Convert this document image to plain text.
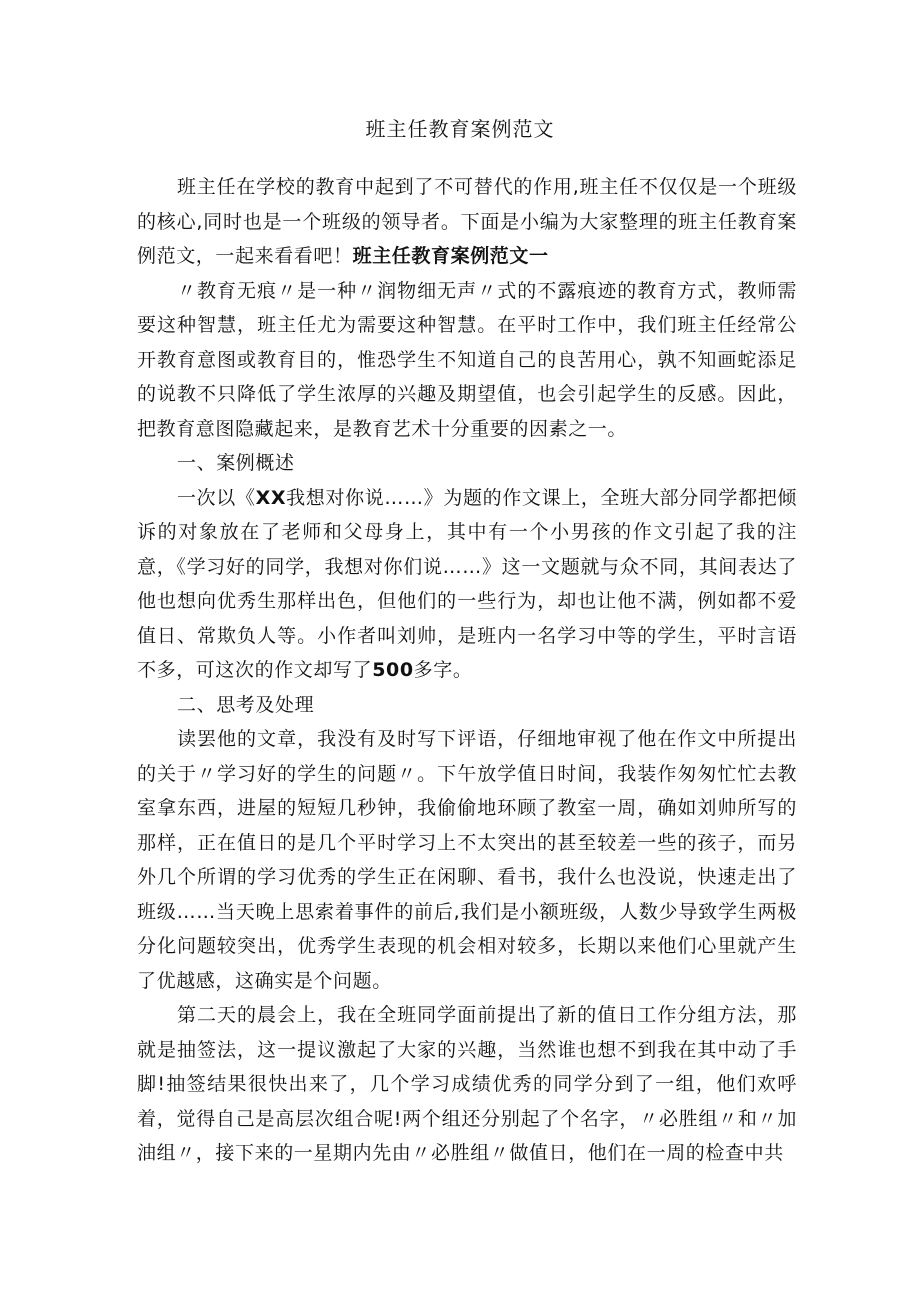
班主任教育案例范文

班主任在学校的教育中起到了不可替代的作用,班主任不仅仅是一个班级的核心,同时也是一个班级的领导者。下面是小编为大家整理的班主任教育案例范文，一起来看看吧！班主任教育案例范文一

〃教育无痕〃是一种〃润物细无声〃式的不露痕迹的教育方式，教师需要这种智慧，班主任尤为需要这种智慧。在平时工作中，我们班主任经常公开教育意图或教育目的，惟恐学生不知道自己的良苦用心，孰不知画蛇添足的说教不只降低了学生浓厚的兴趣及期望值，也会引起学生的反感。因此，把教育意图隐藏起来，是教育艺术十分重要的因素之一。

一、案例概述

一次以《XX我想对你说……》为题的作文课上，全班大部分同学都把倾诉的对象放在了老师和父母身上，其中有一个小男孩的作文引起了我的注意，《学习好的同学，我想对你们说……》这一文题就与众不同，其间表达了他也想向优秀生那样出色，但他们的一些行为，却也让他不满，例如都不爱值日、常欺负人等。小作者叫刘帅，是班内一名学习中等的学生，平时言语不多，可这次的作文却写了500多字。

二、思考及处理

读罢他的文章，我没有及时写下评语，仔细地审视了他在作文中所提出的关于〃学习好的学生的问题〃。下午放学值日时间，我装作匆匆忙忙去教室拿东西，进屋的短短几秒钟，我偷偷地环顾了教室一周，确如刘帅所写的那样，正在值日的是几个平时学习上不太突出的甚至较差一些的孩子，而另外几个所谓的学习优秀的学生正在闲聊、看书，我什么也没说，快速走出了班级……当天晚上思索着事件的前后,我们是小额班级，人数少导致学生两极分化问题较突出，优秀学生表现的机会相对较多，长期以来他们心里就产生了优越感，这确实是个问题。

第二天的晨会上，我在全班同学面前提出了新的值日工作分组方法，那就是抽签法，这一提议激起了大家的兴趣，当然谁也想不到我在其中动了手脚!抽签结果很快出来了，几个学习成绩优秀的同学分到了一组，他们欢呼着，觉得自己是高层次组合呢!两个组还分别起了个名字，〃必胜组〃和〃加油组〃，接下来的一星期内先由〃必胜组〃做值日，他们在一周的检查中共
